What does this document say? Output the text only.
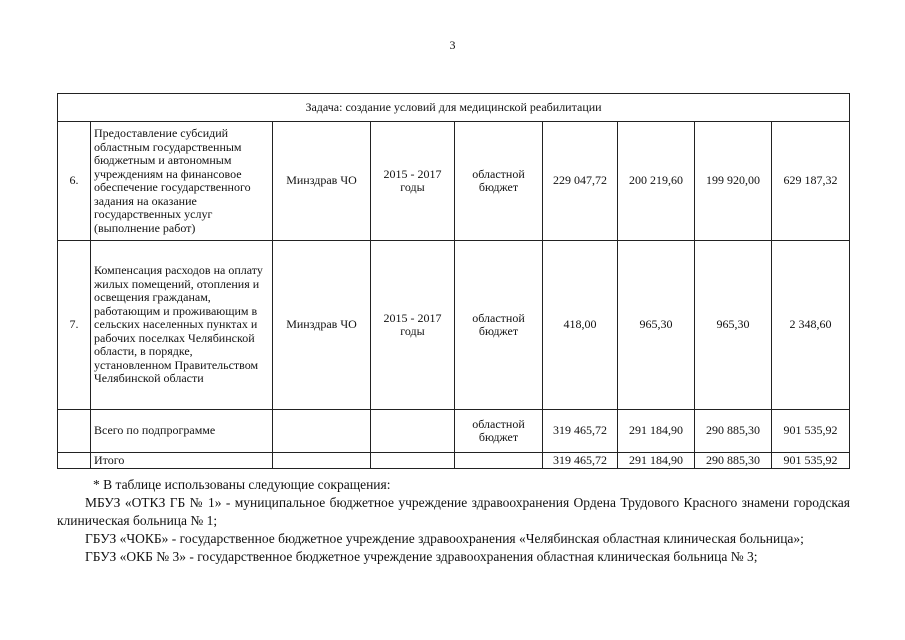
3
Задача: создание условий для медицинской реабилитации								
6.	Предоставление субсидий областным государственным бюджетным и автономным учреждениям на финансовое обеспечение государственного задания на оказание государственных услуг (выполнение работ)	Минздрав ЧО	2015 - 2017 годы	областной бюджет	229 047,72	200 219,60	199 920,00	629 187,32
7.	Компенсация расходов на оплату жилых помещений, отопления и освещения гражданам, работающим и проживающим в сельских населенных пунктах и рабочих поселках Челябинской области, в порядке, установленном Правительством Челябинской области	Минздрав ЧО	2015 - 2017 годы	областной бюджет	418,00	965,30	965,30	2 348,60
	Всего по подпрограмме			областной бюджет	319 465,72	291 184,90	290 885,30	901 535,92
	Итого				319 465,72	291 184,90	290 885,30	901 535,92

* В таблице использованы следующие сокращения:

МБУЗ «ОТКЗ ГБ № 1» - муниципальное бюджетное учреждение здравоохранения Ордена Трудового Красного знамени городская клиническая больница № 1;

ГБУЗ «ЧОКБ» - государственное бюджетное учреждение здравоохранения «Челябинская областная клиническая больница»;

ГБУЗ «ОКБ № 3» - государственное бюджетное учреждение здравоохранения областная клиническая больница № 3;
